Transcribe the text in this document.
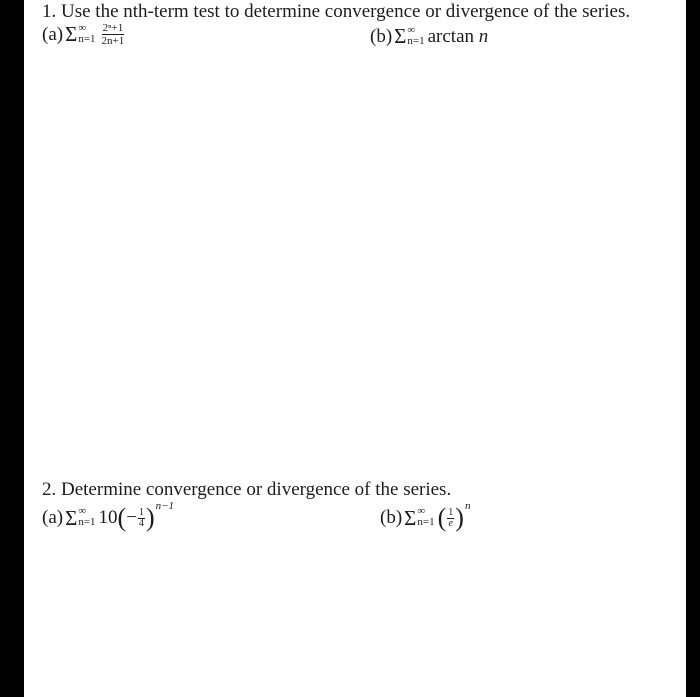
1. Use the nth-term test to determine convergence or divergence of the series.
(a) Σ ∞
$n=1 \frac{\text{2ⁿ+1}}{2n+1}$	(b) Σ ∞
n=1 arctan
n
2. Determine convergence or divergence of the series.
(a) Σ ∞
n=1 10 ( − $\frac{1}{4}$ ) n−1
(b) Σ ∞
n=1 ( $\frac{1}{e}$ ) n
